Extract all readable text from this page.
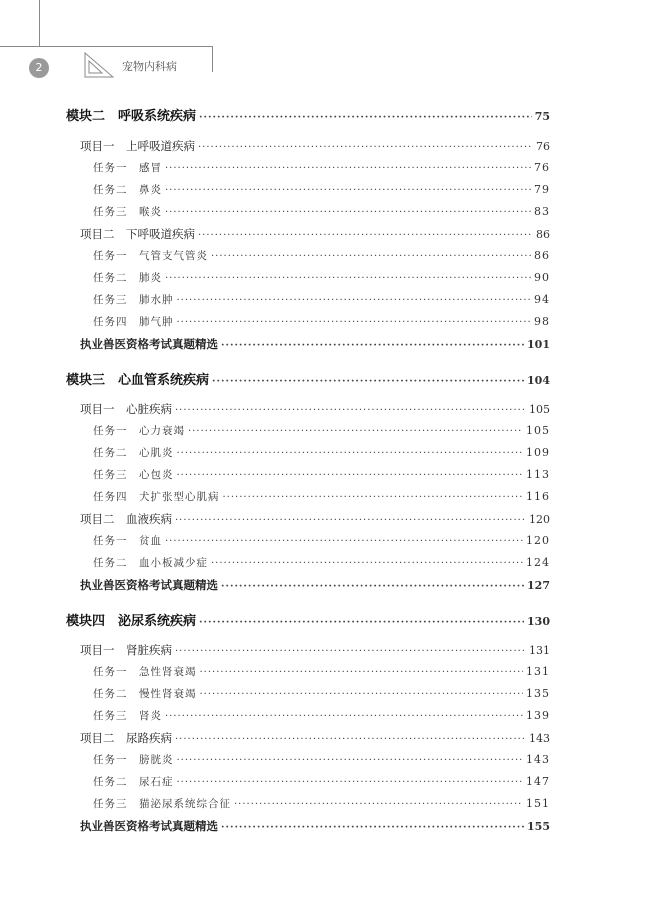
2	宠物内科病
模块二　呼吸系统疾病 ·····	75
项目一　上呼吸道疾病 ·····	76
任务一　感冒 ·····	76
任务二　鼻炎 ·····	79
任务三　喉炎 ·····	83
项目二　下呼吸道疾病 ·····	86
任务一　气管支气管炎 ·····	86
任务二　肺炎 ·····	90
任务三　肺水肿 ·····	94
任务四　肺气肿 ·····	98
执业兽医资格考试真题精选 ·····	101
模块三　心血管系统疾病 ·····	104
项目一　心脏疾病 ·····	105
任务一　心力衰竭 ·····	105
任务二　心肌炎 ·····	109
任务三　心包炎 ·····	113
任务四　犬扩张型心肌病 ·····	116
项目二　血液疾病 ·····	120
任务一　贫血 ·····	120
任务二　血小板减少症 ·····	124
执业兽医资格考试真题精选 ·····	127
模块四　泌尿系统疾病 ·····	130
项目一　肾脏疾病 ·····	131
任务一　急性肾衰竭 ·····	131
任务二　慢性肾衰竭 ·····	135
任务三　肾炎 ·····	139
项目二　尿路疾病 ·····	143
任务一　膀胱炎 ·····	143
任务二　尿石症 ·····	147
任务三　猫泌尿系统综合征 ·····	151
执业兽医资格考试真题精选 ·····	155
